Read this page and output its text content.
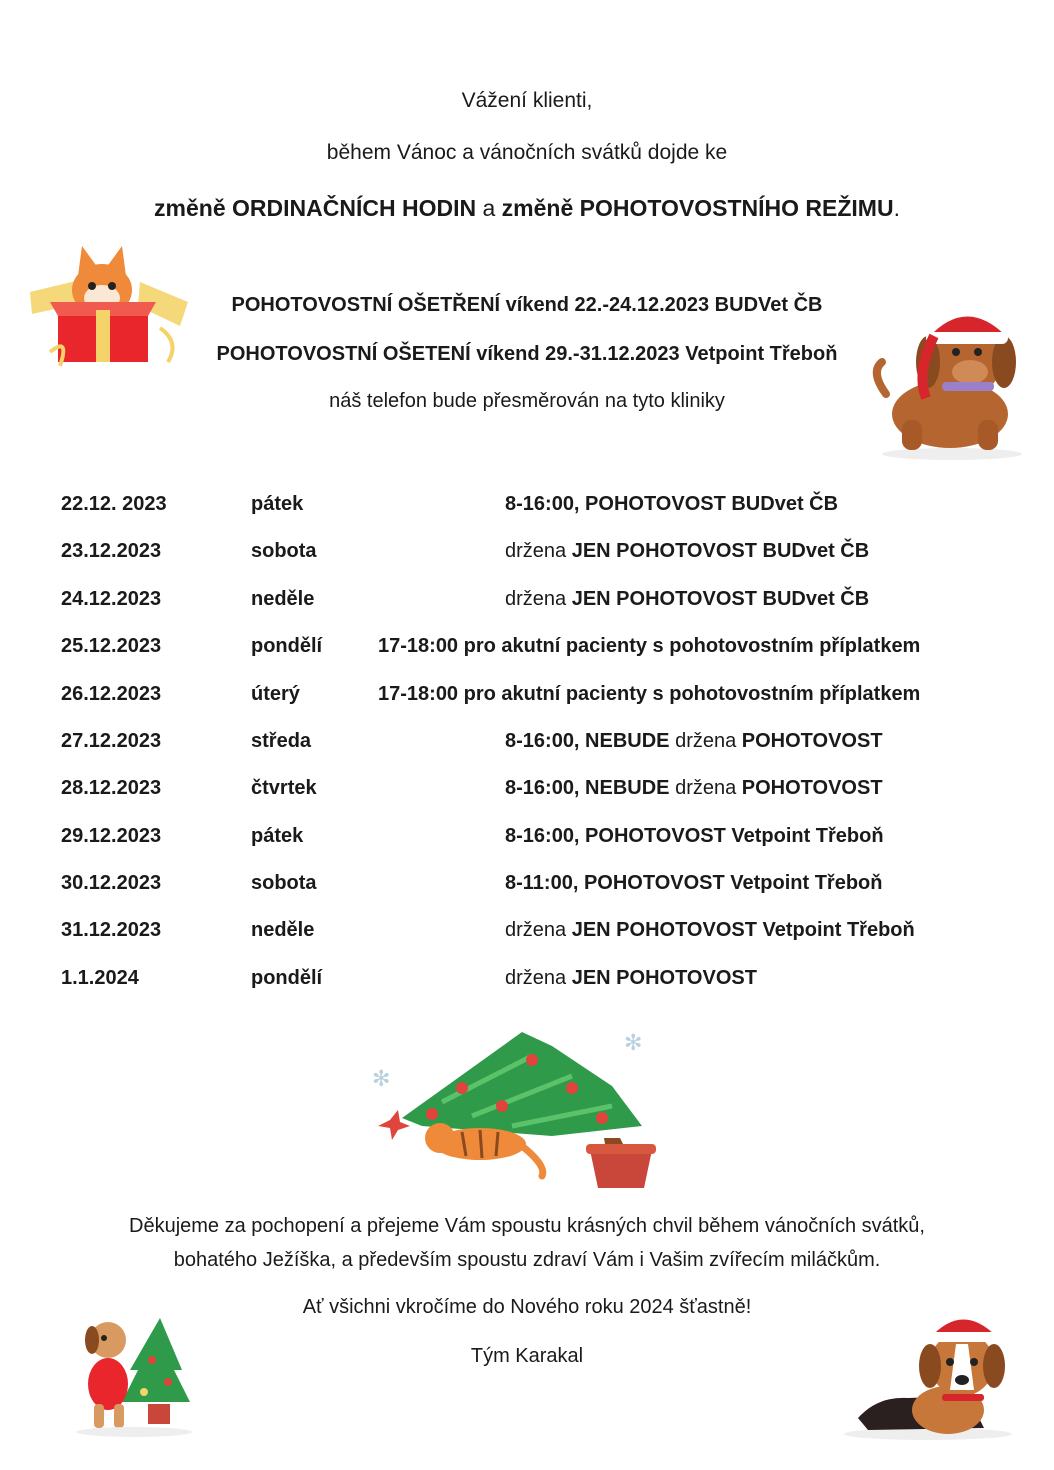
Vážení klienti,
během Vánoc a vánočních svátků dojde ke
změně ORDINAČNÍCH HODIN a změně POHOTOVOSTNÍHO REŽIMU.
POHOTOVOSTNÍ OŠETŘENÍ víkend 22.-24.12.2023 BUDVet ČB
POHOTOVOSTNÍ OŠETENÍ víkend 29.-31.12.2023 Vetpoint Třeboň
náš telefon bude přesměrován na tyto kliniky
22.12. 2023	pátek	8-16:00, POHOTOVOST BUDvet ČB
23.12.2023	sobota	držena JEN POHOTOVOST BUDvet ČB
24.12.2023	neděle	držena JEN POHOTOVOST BUDvet ČB
25.12.2023	pondělí	17-18:00 pro akutní pacienty s pohotovostním příplatkem
26.12.2023	úterý	17-18:00 pro akutní pacienty s pohotovostním příplatkem
27.12.2023	středa	8-16:00, NEBUDE držena POHOTOVOST
28.12.2023	čtvrtek	8-16:00, NEBUDE držena POHOTOVOST
29.12.2023	pátek	8-16:00, POHOTOVOST Vetpoint Třeboň
30.12.2023	sobota	8-11:00, POHOTOVOST Vetpoint Třeboň
31.12.2023	neděle	držena JEN POHOTOVOST Vetpoint Třeboň
1.1.2024	pondělí	držena JEN POHOTOVOST
Děkujeme za pochopení a přejeme Vám spoustu krásných chvil během vánočních svátků,
bohatého Ježíška, a především spoustu zdraví Vám i Vašim zvířecím miláčkům.
Ať všichni vkročíme do Nového roku 2024 šťastně!
Tým Karakal
✻
✻
